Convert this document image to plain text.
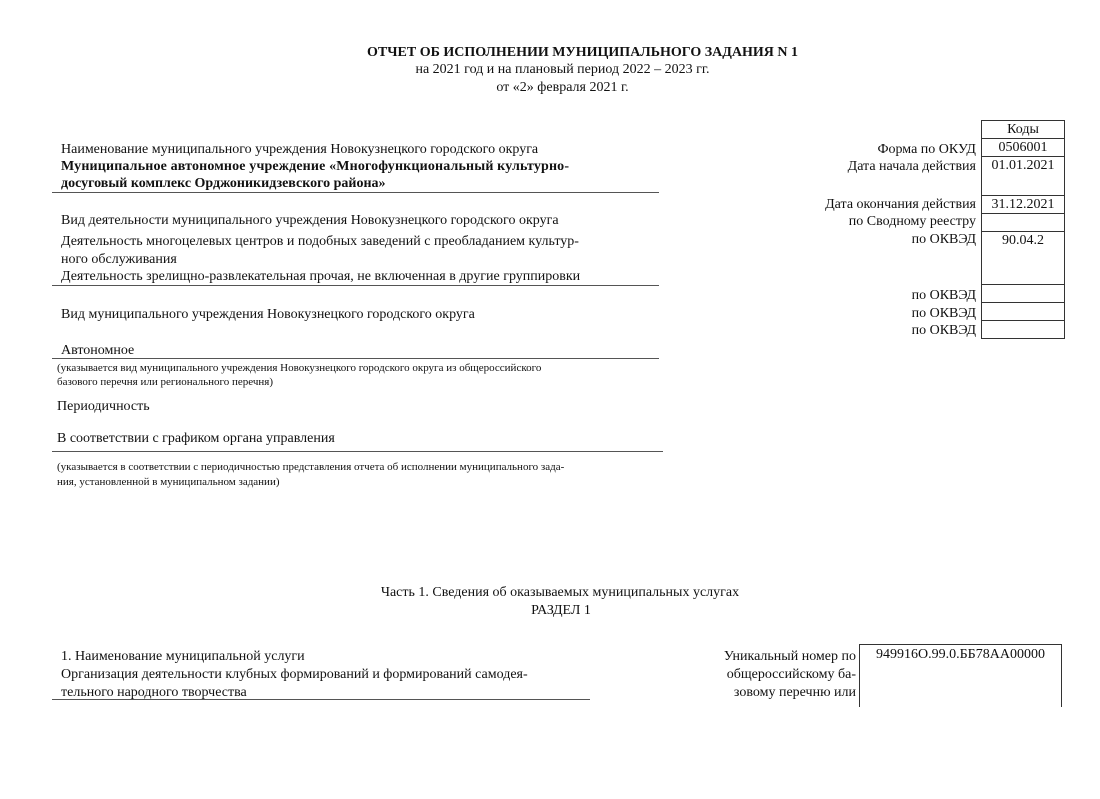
ОТЧЕТ ОБ ИСПОЛНЕНИИ МУНИЦИПАЛЬНОГО ЗАДАНИЯ N 1
на 2021 год и на плановый период 2022 – 2023 гг.
от «2» февраля 2021 г.
Наименование муниципального учреждения Новокузнецкого городского округа
Муниципальное автономное учреждение «Многофункциональный культурно-
досуговый комплекс Орджоникидзевского района»
Вид деятельности муниципального учреждения Новокузнецкого городского округа
Деятельность многоцелевых центров и подобных заведений с преобладанием культур-
ного обслуживания
Деятельность зрелищно-развлекательная прочая, не включенная в другие группировки
Вид муниципального учреждения Новокузнецкого городского округа
Автономное
(указывается вид муниципального учреждения Новокузнецкого городского округа из общероссийского
базового перечня или регионального перечня)
Периодичность
В соответствии с графиком органа управления
(указывается в соответствии с периодичностью представления отчета об исполнении муниципального зада-
ния, установленной в муниципальном задании)
Форма по ОКУД
Дата начала действия
Дата окончания действия
по Сводному реестру
по ОКВЭД
по ОКВЭД
по ОКВЭД
по ОКВЭД
Коды
0506001
01.01.2021
31.12.2021
90.04.2
Часть 1. Сведения об оказываемых муниципальных услугах
РАЗДЕЛ 1
1. Наименование муниципальной услуги
Организация деятельности клубных формирований и формирований самодея-
тельного народного творчества
Уникальный номер по
общероссийскому ба-
зовому перечню или
949916О.99.0.ББ78АА00000
